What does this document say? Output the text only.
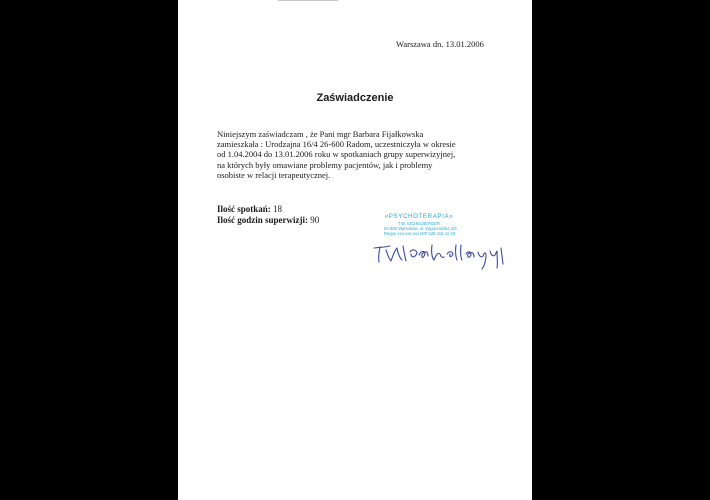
Warszawa dn. 13.01.2006
Zaświadczenie
Niniejszym zaświadczam , że Pani mgr Barbara Fijałkowska
zamieszkała : Urodzajna 16/4 26-600 Radom, uczestniczyła w okresie
od 1.04.2004 do 13.01.2006 roku w spotkaniach grupy superwizyjnej,
na których były omawiane problemy pacjentów, jak i problemy
osobiste w relacji terapeutycznej.
Ilość spotkań: 18
Ilość godzin superwizji: 90	«PSYCHOTERAPIA»
T.W. EICHELBERGER
04-980 Warszawa, ul. Zagórzańska 2/6
Regon xxx-xxx-xxx NIP 525-116-11-43
